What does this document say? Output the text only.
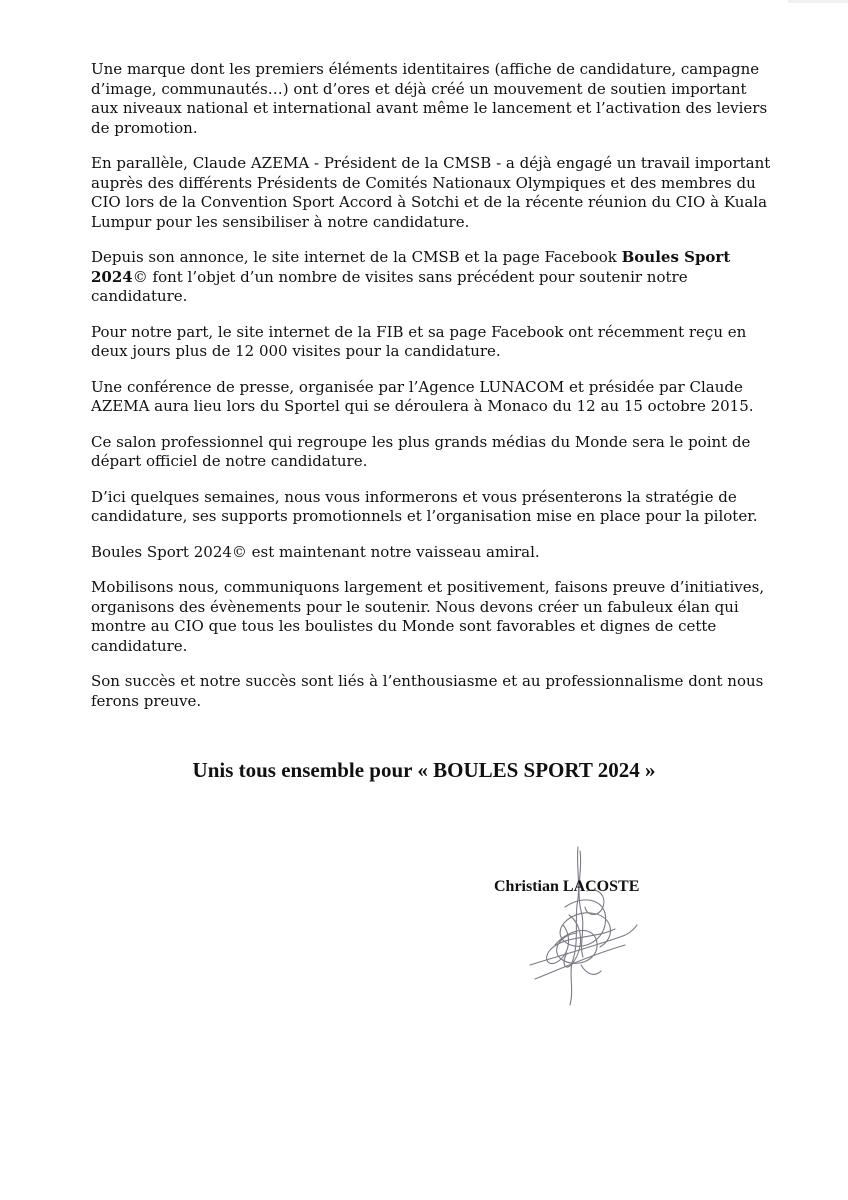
Une marque dont les premiers éléments identitaires (affiche de candidature, campagne d’image, communautés…) ont d’ores et déjà créé un mouvement de soutien important aux niveaux national et international avant même le lancement et l’activation des leviers de promotion.

En parallèle, Claude AZEMA - Président de la CMSB - a déjà engagé un travail important auprès des différents Présidents de Comités Nationaux Olympiques et des membres du CIO lors de la Convention Sport Accord à Sotchi et de la récente réunion du CIO à Kuala Lumpur pour les sensibiliser à notre candidature.

Depuis son annonce, le site internet de la CMSB et la page Facebook Boules Sport 2024© font l’objet d’un nombre de visites sans précédent pour soutenir notre candidature.

Pour notre part, le site internet de la FIB et sa page Facebook ont récemment reçu en deux jours plus de 12 000 visites pour la candidature.

Une conférence de presse, organisée par l’Agence LUNACOM et présidée par Claude AZEMA aura lieu lors du Sportel qui se déroulera à Monaco du 12 au 15 octobre 2015.

Ce salon professionnel qui regroupe les plus grands médias du Monde sera le point de départ officiel de notre candidature.

D’ici quelques semaines, nous vous informerons et vous présenterons la stratégie de candidature, ses supports promotionnels et l’organisation mise en place pour la piloter.

Boules Sport 2024© est maintenant notre vaisseau amiral.

Mobilisons nous, communiquons largement et positivement, faisons preuve d’initiatives, organisons des évènements pour le soutenir. Nous devons créer un fabuleux élan qui montre au CIO que tous les boulistes du Monde sont favorables et dignes de cette candidature.

Son succès et notre succès sont liés à l’enthousiasme et au professionnalisme dont nous ferons preuve.

Unis tous ensemble pour « BOULES SPORT 2024 »
Christian LACOSTE
